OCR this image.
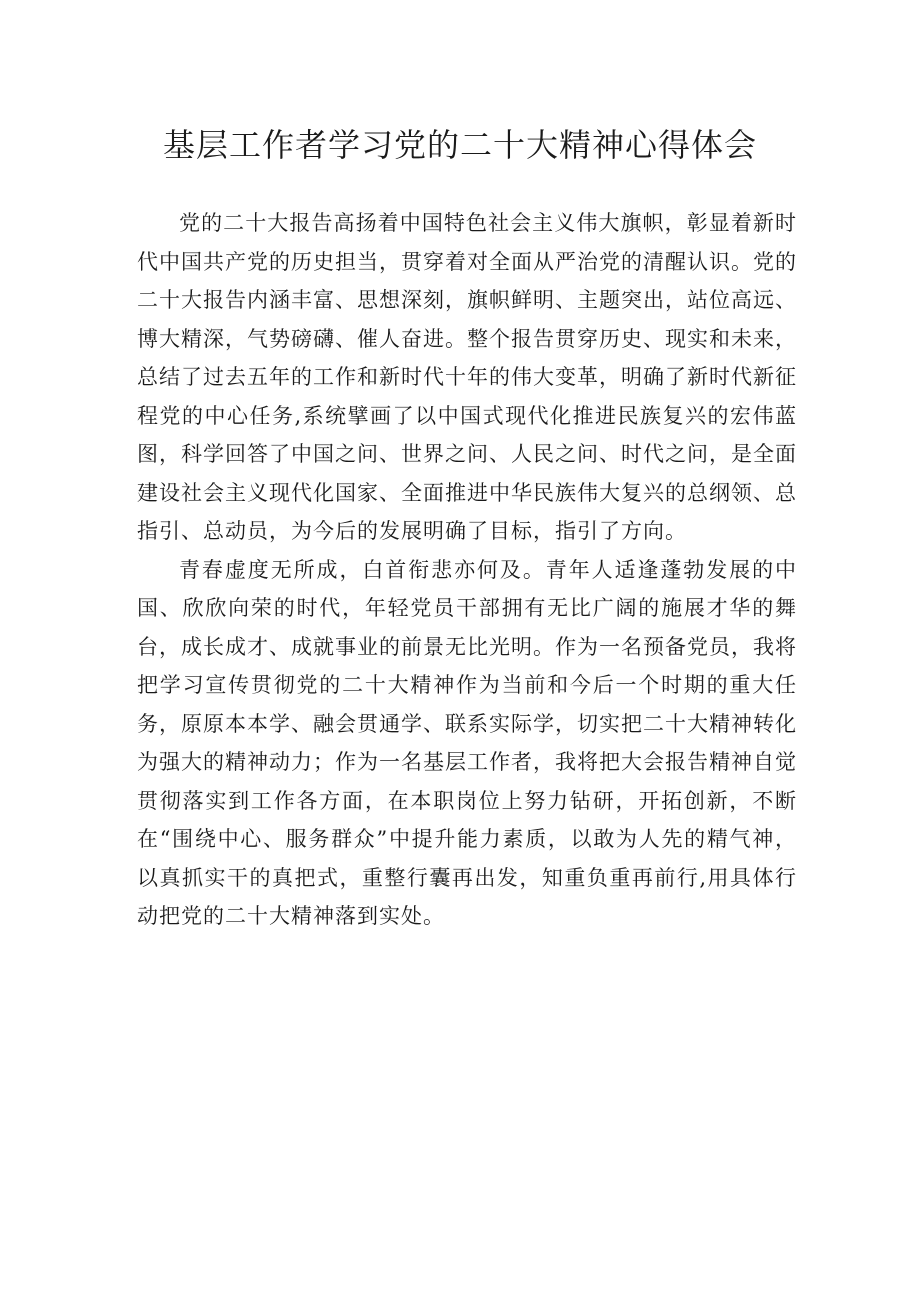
基层工作者学习党的二十大精神心得体会

党的二十大报告高扬着中国特色社会主义伟大旗帜，彰显着新时代中国共产党的历史担当，贯穿着对全面从严治党的清醒认识。党的二十大报告内涵丰富、思想深刻，旗帜鲜明、主题突出，站位高远、博大精深，气势磅礴、催人奋进。整个报告贯穿历史、现实和未来，总结了过去五年的工作和新时代十年的伟大变革，明确了新时代新征程党的中心任务,系统擘画了以中国式现代化推进民族复兴的宏伟蓝图，科学回答了中国之问、世界之问、人民之问、时代之问，是全面建设社会主义现代化国家、全面推进中华民族伟大复兴的总纲领、总指引、总动员，为今后的发展明确了目标，指引了方向。

青春虚度无所成，白首衔悲亦何及。青年人适逢蓬勃发展的中国、欣欣向荣的时代，年轻党员干部拥有无比广阔的施展才华的舞台，成长成才、成就事业的前景无比光明。作为一名预备党员，我将把学习宣传贯彻党的二十大精神作为当前和今后一个时期的重大任务，原原本本学、融会贯通学、联系实际学，切实把二十大精神转化为强大的精神动力；作为一名基层工作者，我将把大会报告精神自觉贯彻落实到工作各方面，在本职岗位上努力钻研，开拓创新，不断在“围绕中心、服务群众”中提升能力素质，以敢为人先的精气神，以真抓实干的真把式，重整行囊再出发，知重负重再前行,用具体行动把党的二十大精神落到实处。
